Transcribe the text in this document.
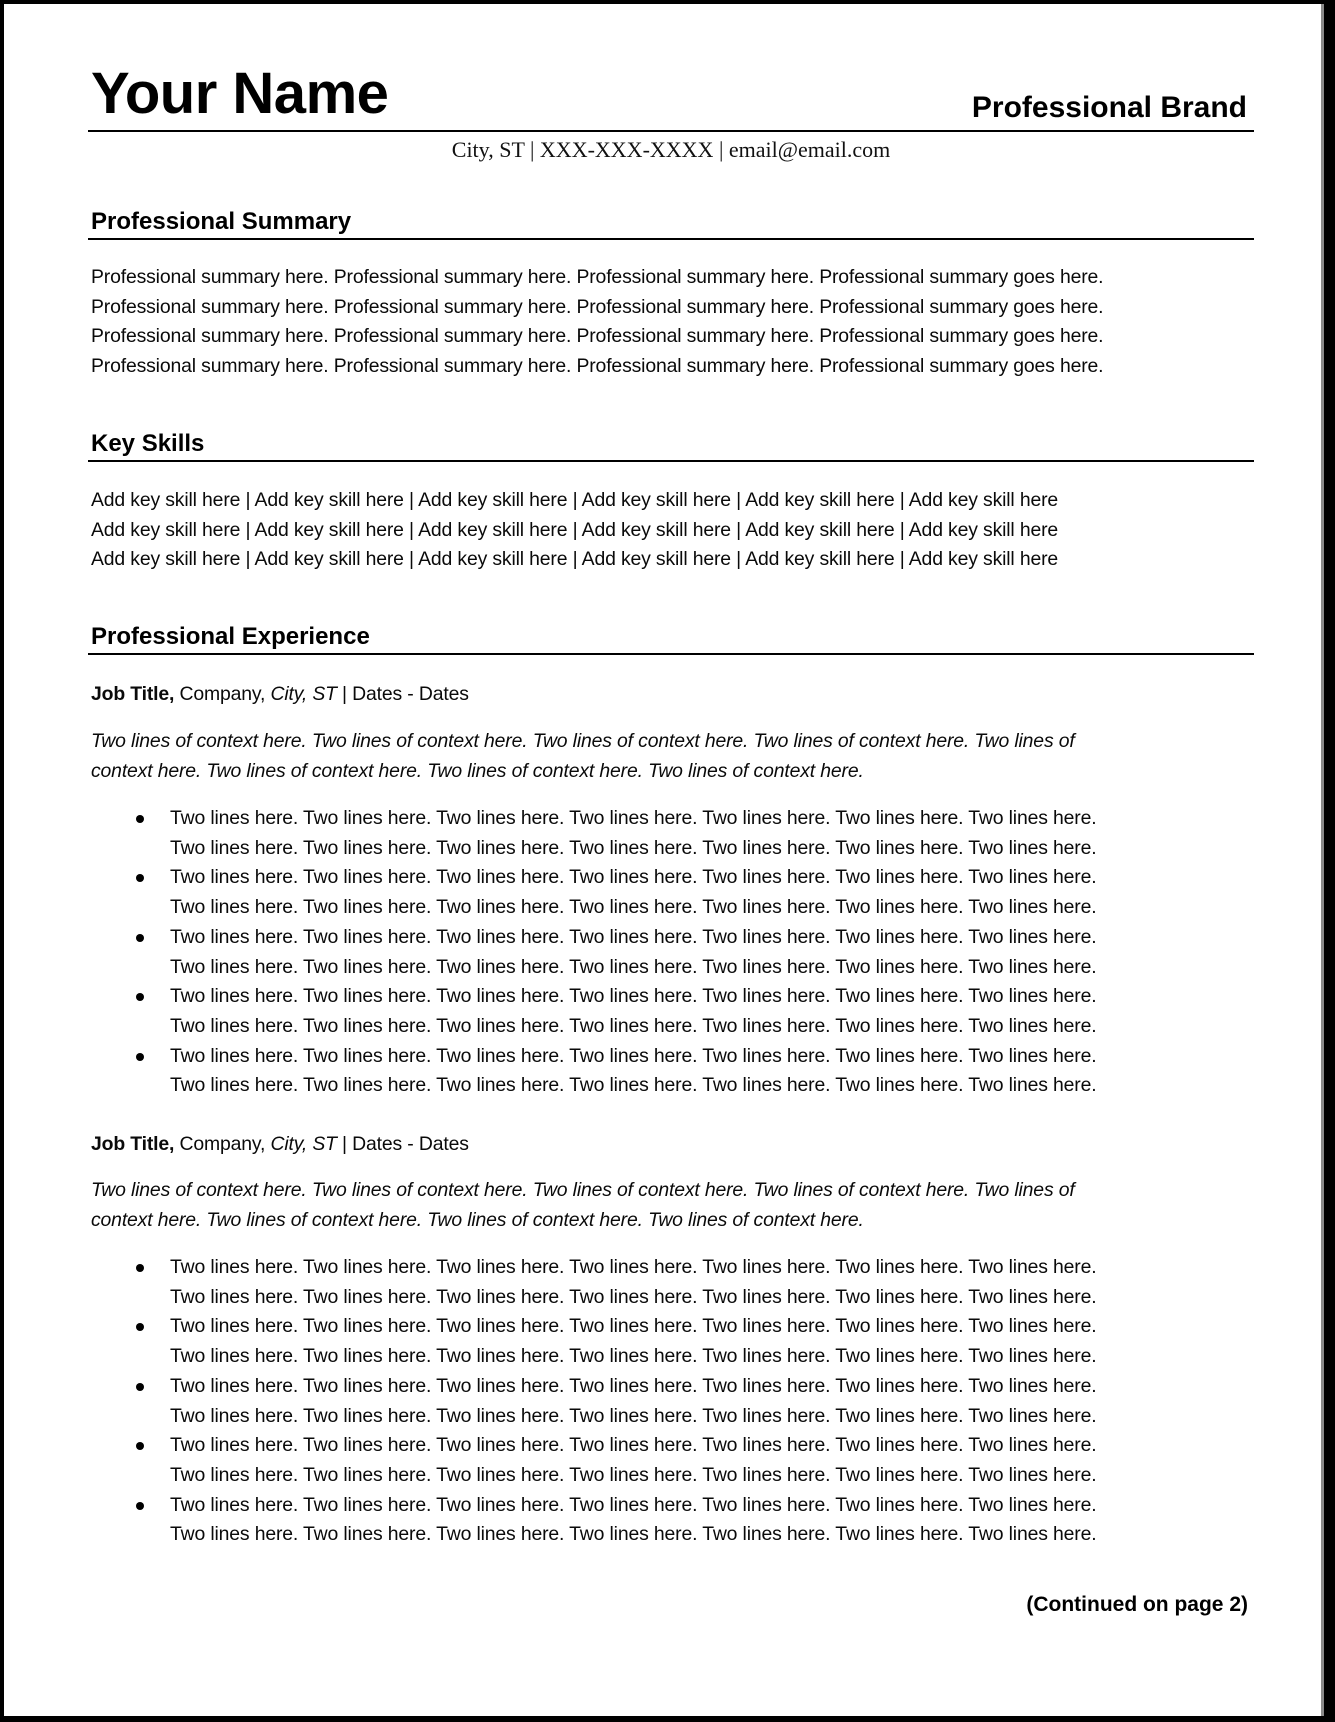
Your Name	Professional Brand
City, ST | XXX-XXX-XXXX | email@email.com
Professional Summary
Professional summary here. Professional summary here. Professional summary here. Professional summary goes here.
Professional summary here. Professional summary here. Professional summary here. Professional summary goes here.
Professional summary here. Professional summary here. Professional summary here. Professional summary goes here.
Professional summary here. Professional summary here. Professional summary here. Professional summary goes here.
Key Skills
Add key skill here | Add key skill here | Add key skill here | Add key skill here | Add key skill here | Add key skill here
Add key skill here | Add key skill here | Add key skill here | Add key skill here | Add key skill here | Add key skill here
Add key skill here | Add key skill here | Add key skill here | Add key skill here | Add key skill here | Add key skill here
Professional Experience
Job Title, Company, City, ST | Dates - Dates
Two lines of context here. Two lines of context here. Two lines of context here. Two lines of context here. Two lines of
context here. Two lines of context here. Two lines of context here. Two lines of context here.
Two lines here. Two lines here. Two lines here. Two lines here. Two lines here. Two lines here. Two lines here.
Two lines here. Two lines here. Two lines here. Two lines here. Two lines here. Two lines here. Two lines here.
Two lines here. Two lines here. Two lines here. Two lines here. Two lines here. Two lines here. Two lines here.
Two lines here. Two lines here. Two lines here. Two lines here. Two lines here. Two lines here. Two lines here.
Two lines here. Two lines here. Two lines here. Two lines here. Two lines here. Two lines here. Two lines here.
Two lines here. Two lines here. Two lines here. Two lines here. Two lines here. Two lines here. Two lines here.
Two lines here. Two lines here. Two lines here. Two lines here. Two lines here. Two lines here. Two lines here.
Two lines here. Two lines here. Two lines here. Two lines here. Two lines here. Two lines here. Two lines here.
Two lines here. Two lines here. Two lines here. Two lines here. Two lines here. Two lines here. Two lines here.
Two lines here. Two lines here. Two lines here. Two lines here. Two lines here. Two lines here. Two lines here.
Job Title, Company, City, ST | Dates - Dates
Two lines of context here. Two lines of context here. Two lines of context here. Two lines of context here. Two lines of
context here. Two lines of context here. Two lines of context here. Two lines of context here.
Two lines here. Two lines here. Two lines here. Two lines here. Two lines here. Two lines here. Two lines here.
Two lines here. Two lines here. Two lines here. Two lines here. Two lines here. Two lines here. Two lines here.
Two lines here. Two lines here. Two lines here. Two lines here. Two lines here. Two lines here. Two lines here.
Two lines here. Two lines here. Two lines here. Two lines here. Two lines here. Two lines here. Two lines here.
Two lines here. Two lines here. Two lines here. Two lines here. Two lines here. Two lines here. Two lines here.
Two lines here. Two lines here. Two lines here. Two lines here. Two lines here. Two lines here. Two lines here.
Two lines here. Two lines here. Two lines here. Two lines here. Two lines here. Two lines here. Two lines here.
Two lines here. Two lines here. Two lines here. Two lines here. Two lines here. Two lines here. Two lines here.
Two lines here. Two lines here. Two lines here. Two lines here. Two lines here. Two lines here. Two lines here.
Two lines here. Two lines here. Two lines here. Two lines here. Two lines here. Two lines here. Two lines here.
(Continued on page 2)
